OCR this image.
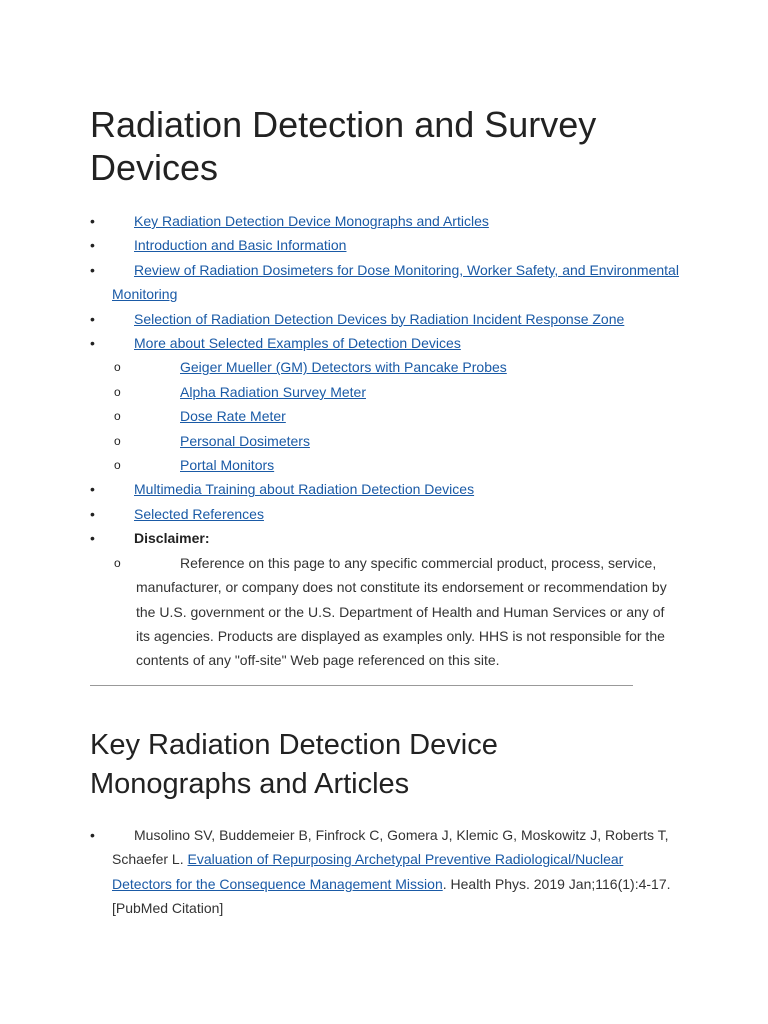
Radiation Detection and Survey Devices
•	Key Radiation Detection Device Monographs and Articles
•	Introduction and Basic Information
•	Review of Radiation Dosimeters for Dose Monitoring, Worker Safety, and Environmental Monitoring
•	Selection of Radiation Detection Devices by Radiation Incident Response Zone
•	More about Selected Examples of Detection Devices
o	Geiger Mueller (GM) Detectors with Pancake Probes
o	Alpha Radiation Survey Meter
o	Dose Rate Meter
o	Personal Dosimeters
o	Portal Monitors
•	Multimedia Training about Radiation Detection Devices
•	Selected References
•	Disclaimer:
o	Reference on this page to any specific commercial product, process, service, manufacturer, or company does not constitute its endorsement or recommendation by the U.S. government or the U.S. Department of Health and Human Services or any of its agencies. Products are displayed as examples only. HHS is not responsible for the contents of any "off-site" Web page referenced on this site.
Key Radiation Detection Device Monographs and Articles
•	Musolino SV, Buddemeier B, Finfrock C, Gomera J, Klemic G, Moskowitz J, Roberts T, Schaefer L. Evaluation of Repurposing Archetypal Preventive Radiological/Nuclear Detectors for the Consequence Management Mission. Health Phys. 2019 Jan;116(1):4-17. [PubMed Citation]
